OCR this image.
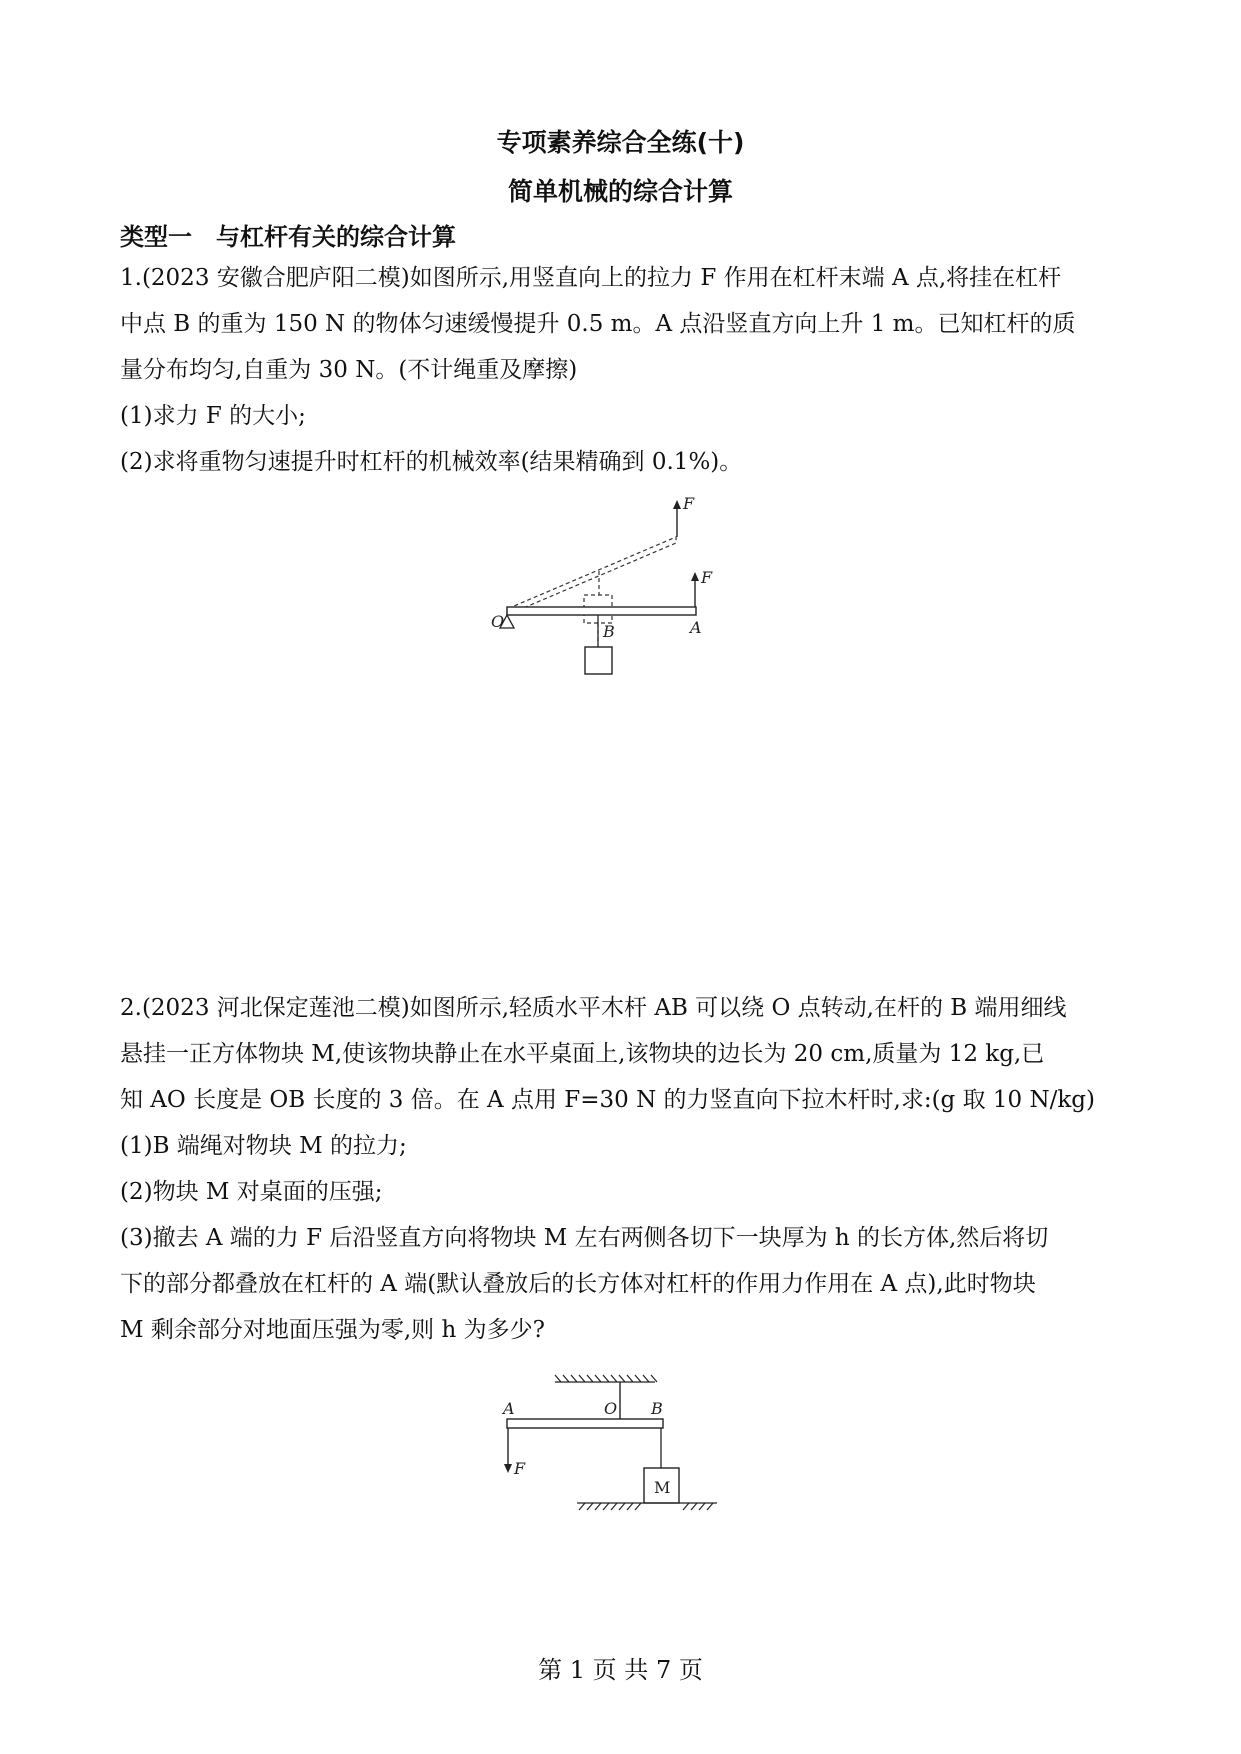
专项素养综合全练(十)
简单机械的综合计算
类型一　与杠杆有关的综合计算
1.(2023 安徽合肥庐阳二模)如图所示,用竖直向上的拉力 F 作用在杠杆末端 A 点,将挂在杠杆
中点 B 的重为 150 N 的物体匀速缓慢提升 0.5 m。A 点沿竖直方向上升 1 m。已知杠杆的质
量分布均匀,自重为 30 N。(不计绳重及摩擦)
(1)求力 F 的大小;
(2)求将重物匀速提升时杠杆的机械效率(结果精确到 0.1%)。
F
F
O
B	A
2.(2023 河北保定莲池二模)如图所示,轻质水平木杆 AB 可以绕 O 点转动,在杆的 B 端用细线
悬挂一正方体物块 M,使该物块静止在水平桌面上,该物块的边长为 20 cm,质量为 12 kg,已
知 AO 长度是 OB 长度的 3 倍。在 A 点用 F=30 N 的力竖直向下拉木杆时,求:(g 取 10 N/kg)
(1)B 端绳对物块 M 的拉力;
(2)物块 M 对桌面的压强;
(3)撤去 A 端的力 F 后沿竖直方向将物块 M 左右两侧各切下一块厚为 h 的长方体,然后将切
下的部分都叠放在杠杆的 A 端(默认叠放后的长方体对杠杆的作用力作用在 A 点),此时物块
M 剩余部分对地面压强为零,则 h 为多少?
F
M
A	O B
第 1 页 共 7 页
